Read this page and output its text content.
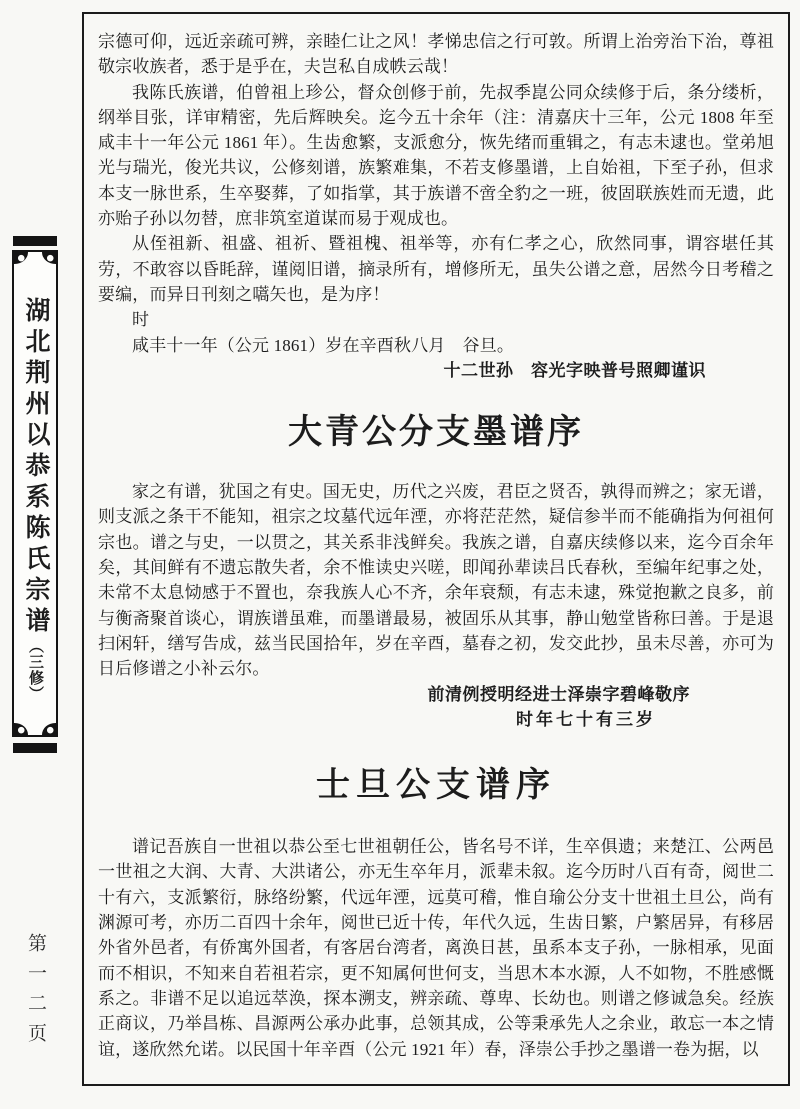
湖北荆州以恭系陈氏宗谱
（三修）
第一二页

宗德可仰，远近亲疏可辨，亲睦仁让之风！孝悌忠信之行可敦。所谓上治旁治下治，尊祖敬宗收族者，悉于是乎在，夫岂私自成帙云哉！

我陈氏族谱，伯曾祖上珍公，督众创修于前，先叔季崑公同众续修于后，条分缕析，纲举目张，详审精密，先后辉映矣。迄今五十余年（注：清嘉庆十三年，公元 1808 年至咸丰十一年公元 1861 年）。生齿愈繁，支派愈分，恢先绪而重辑之，有志未逮也。堂弟旭光与瑞光，俊光共议，公修刻谱，族繁难集，不若支修墨谱，上自始祖，下至子孙，但求本支一脉世系，生卒娶葬，了如指掌，其于族谱不啻全豹之一班，彼固联族姓而无遗，此亦贻子孙以勿替，庶非筑室道谋而易于观成也。

从侄祖新、祖盛、祖祈、暨祖槐、祖举等，亦有仁孝之心，欣然同事，谓容堪任其劳，不敢容以昏眊辞，谨阅旧谱，摘录所有，增修所无，虽失公谱之意，居然今日考稽之要编，而异日刊刻之嚆矢也，是为序！

时

咸丰十一年（公元 1861）岁在辛酉秋八月　谷旦。

十二世孙　容光字映普号照卿谨识
大青公分支墨谱序

家之有谱，犹国之有史。国无史，历代之兴废，君臣之贤否，孰得而辨之；家无谱，则支派之条干不能知，祖宗之坟墓代远年湮，亦将茫茫然，疑信参半而不能确指为何祖何宗也。谱之与史，一以贯之，其关系非浅鲜矣。我族之谱，自嘉庆续修以来，迄今百余年矣，其间鲜有不遗忘散失者，余不惟读史兴嗟，即闻孙辈读吕氏春秋，至编年纪事之处，未常不太息恸感于不置也，奈我族人心不齐，余年衰颓，有志未逮，殊觉抱歉之良多，前与衡斋聚首谈心，谓族谱虽难，而墨谱最易，被固乐从其事，静山勉堂皆称曰善。于是退扫闲轩，缮写告成，兹当民国拾年，岁在辛酉，墓春之初，发交此抄，虽未尽善，亦可为日后修谱之小补云尔。

前清例授明经进士泽崇字碧峰敬序
时年七十有三岁
士旦公支谱序

谱记吾族自一世祖以恭公至七世祖朝任公，皆名号不详，生卒俱遗；来楚江、公两邑一世祖之大润、大青、大洪诸公，亦无生卒年月，派辈未叙。迄今历时八百有奇，阅世二十有六，支派繁衍，脉络纷繁，代远年湮，远莫可稽，惟自瑜公分支十世祖土旦公，尚有渊源可考，亦历二百四十余年，阅世已近十传，年代久远，生齿日繁，户繁居异，有移居外省外邑者，有侨寓外国者，有客居台湾者，离涣日甚，虽系本支子孙，一脉相承，见面而不相识，不知来自若祖若宗，更不知属何世何支，当思木本水源，人不如物，不胜感慨系之。非谱不足以追远萃涣，探本溯支，辨亲疏、尊卑、长幼也。则谱之修诚急矣。经族正商议，乃举昌栋、昌源两公承办此事，总领其成，公等秉承先人之余业，敢忘一本之情谊，遂欣然允诺。以民国十年辛酉（公元 1921 年）春，泽崇公手抄之墨谱一卷为据，以
